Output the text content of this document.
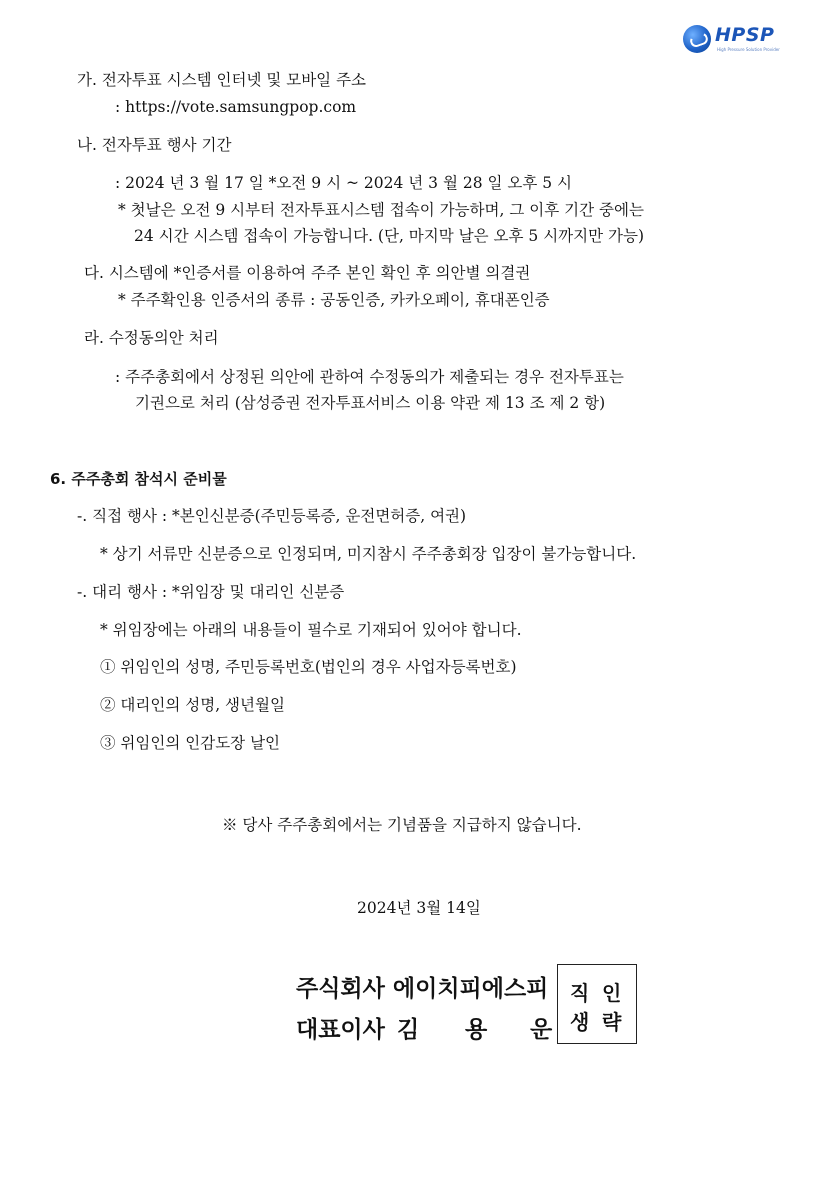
HPSP
High Pressure Solution Provider
가. 전자투표 시스템 인터넷 및 모바일 주소
: https://vote.samsungpop.com
나. 전자투표 행사 기간
: 2024 년 3 월 17 일 *오전 9 시 ~ 2024 년 3 월 28 일 오후 5 시
* 첫날은 오전 9 시부터 전자투표시스템 접속이 가능하며, 그 이후 기간 중에는
24 시간 시스템 접속이 가능합니다. (단, 마지막 날은 오후 5 시까지만 가능)
다. 시스템에 *인증서를 이용하여 주주 본인 확인 후 의안별 의결권
* 주주확인용 인증서의 종류 : 공동인증, 카카오페이, 휴대폰인증
라. 수정동의안 처리
: 주주총회에서 상정된 의안에 관하여 수정동의가 제출되는 경우 전자투표는
기권으로 처리 (삼성증권 전자투표서비스 이용 약관 제 13 조 제 2 항)
6. 주주총회 참석시 준비물
-. 직접 행사 : *본인신분증(주민등록증, 운전면허증, 여권)
* 상기 서류만 신분증으로 인정되며, 미지참시 주주총회장 입장이 불가능합니다.
-. 대리 행사 : *위임장 및 대리인 신분증
* 위임장에는 아래의 내용들이 필수로 기재되어 있어야 합니다.
① 위임인의 성명, 주민등록번호(법인의 경우 사업자등록번호)
② 대리인의 성명, 생년월일
③ 위임인의 인감도장 날인
※ 당사 주주총회에서는 기념품을 지급하지 않습니다.
2024년 3월 14일
주식회사 에이치피에스피
대표이사 김 용 운
직 인
생 략
